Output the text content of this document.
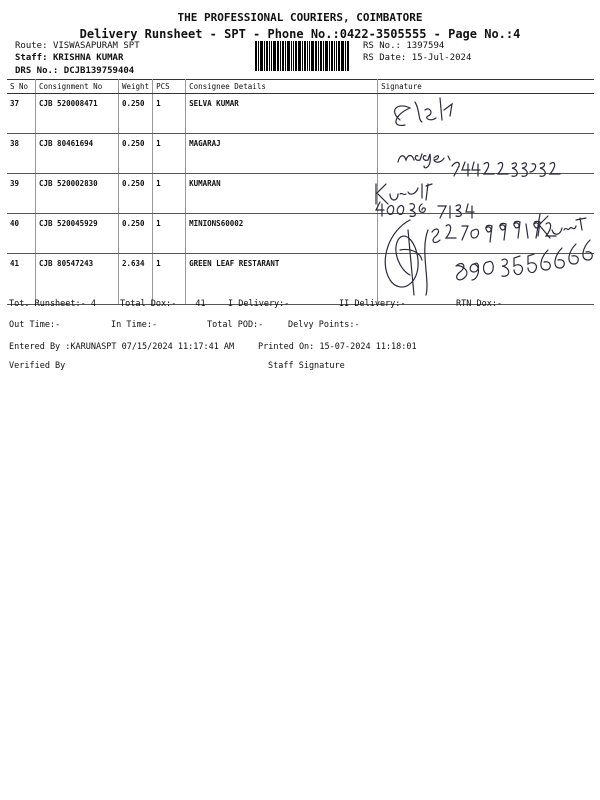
THE PROFESSIONAL COURIERS, COIMBATORE
Delivery Runsheet - SPT - Phone No.:0422-3505555 - Page No.:4
Route: VISWASAPURAM SPT
Staff: KRISHNA KUMAR
DRS No.: DCJB139759404
RS No.: 1397594
RS Date: 15-Jul-2024
S No	Consignment No	Weight	PCS	Consignee Details	Signature
37	CJB 520008471	0.250	1	SELVA KUMAR	
38	CJB 80461694	0.250	1	MAGARAJ	
39	CJB 520002830	0.250	1	KUMARAN	
40	CJB 520045929	0.250	1	MINIONS60002	
41	CJB 80547243	2.634	1	GREEN LEAF RESTARANT	
Tot. Runsheet:- 4	Total Dox:- 41	I Delivery:-	II Delivery:-	RTN Dox:-
Out Time:-	In Time:-	Total POD:-	Delvy Points:-
Entered By :KARUNASPT 07/15/2024 11:17:41 AM	Printed On: 15-07-2024 11:18:01
Verified By	Staff Signature
